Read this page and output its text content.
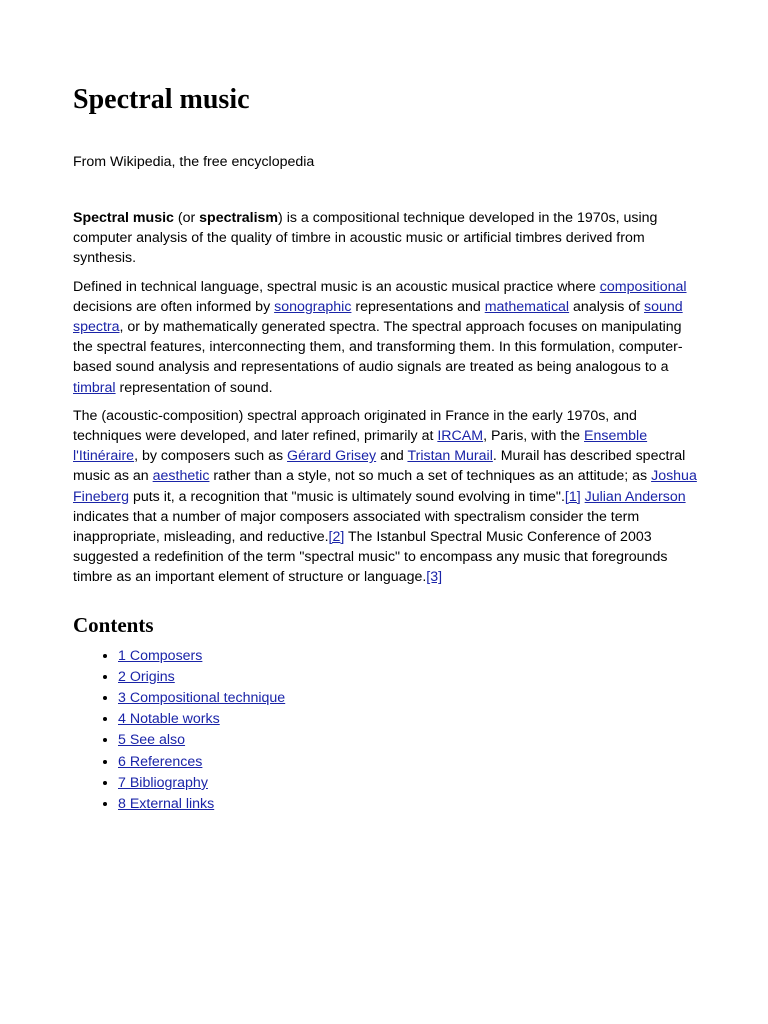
Spectral music
From Wikipedia, the free encyclopedia

Spectral music (or spectralism) is a compositional technique developed in the 1970s, using computer analysis of the quality of timbre in acoustic music or artificial timbres derived from synthesis.

Defined in technical language, spectral music is an acoustic musical practice where compositional decisions are often informed by sonographic representations and mathematical analysis of sound spectra, or by mathematically generated spectra. The spectral approach focuses on manipulating the spectral features, interconnecting them, and transforming them. In this formulation, computer-based sound analysis and representations of audio signals are treated as being analogous to a timbral representation of sound.

The (acoustic-composition) spectral approach originated in France in the early 1970s, and techniques were developed, and later refined, primarily at IRCAM, Paris, with the Ensemble l'Itinéraire, by composers such as Gérard Grisey and Tristan Murail. Murail has described spectral music as an aesthetic rather than a style, not so much a set of techniques as an attitude; as Joshua Fineberg puts it, a recognition that "music is ultimately sound evolving in time".[1] Julian Anderson indicates that a number of major composers associated with spectralism consider the term inappropriate, misleading, and reductive.[2] The Istanbul Spectral Music Conference of 2003 suggested a redefinition of the term "spectral music" to encompass any music that foregrounds timbre as an important element of structure or language.[3]

Contents
• 1 Composers
• 2 Origins
• 3 Compositional technique
• 4 Notable works
• 5 See also
• 6 References
• 7 Bibliography
• 8 External links
